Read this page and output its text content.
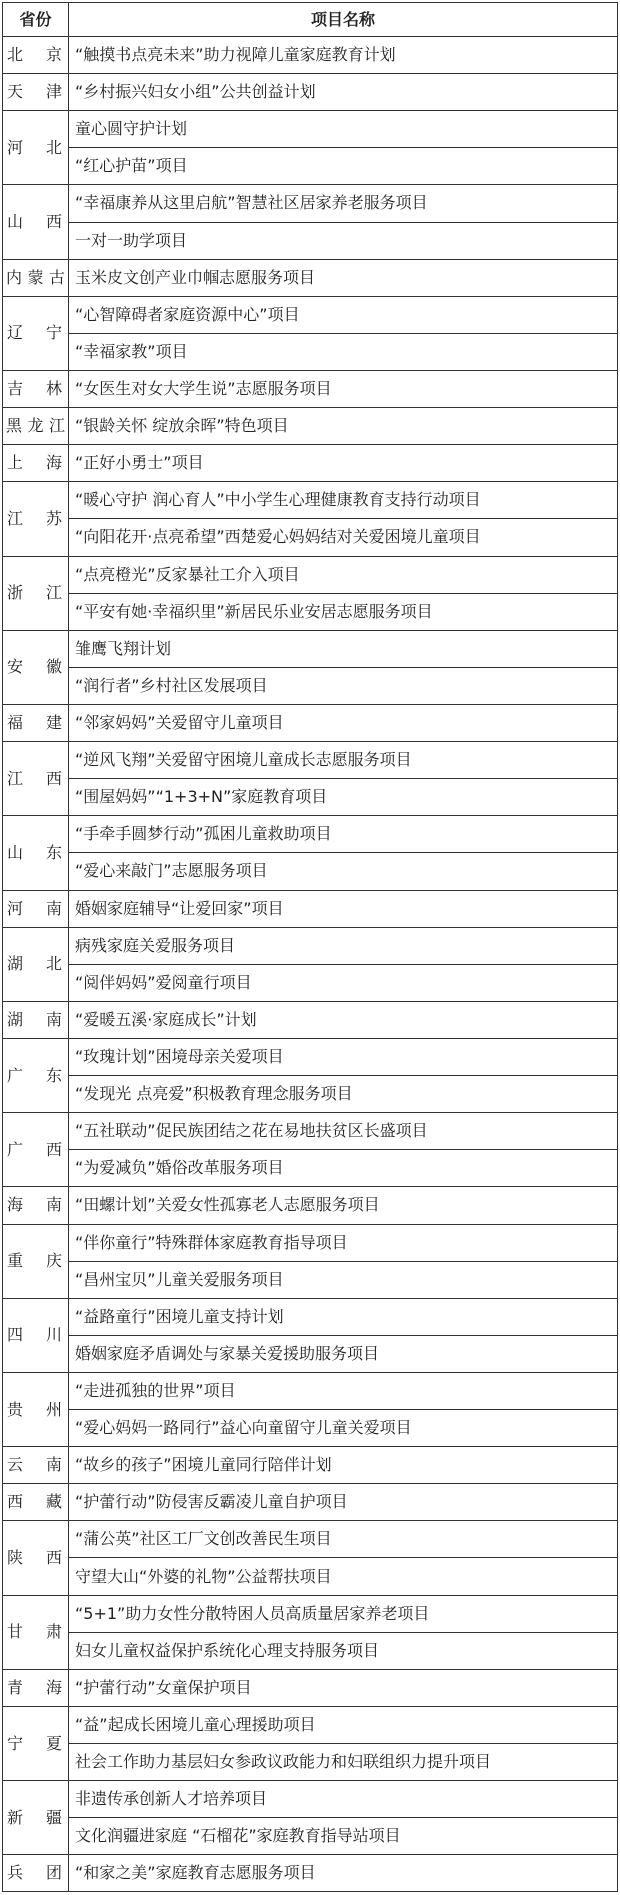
省份	项目名称
北 京	“触摸书点亮未来”助力视障儿童家庭教育计划
天 津	“乡村振兴妇女小组”公共创益计划
河 北	童心圆守护计划
	“红心护苗”项目
山 西	“幸福康养从这里启航”智慧社区居家养老服务项目
	一对一助学项目
内 蒙 古	玉米皮文创产业巾帼志愿服务项目
辽 宁	“心智障碍者家庭资源中心”项目
	“幸福家教”项目
吉 林	“女医生对女大学生说”志愿服务项目
黑 龙 江	“银龄关怀 绽放余晖”特色项目
上 海	“正好小勇士”项目
江 苏	“暖心守护 润心育人”中小学生心理健康教育支持行动项目
	“向阳花开·点亮希望”西楚爱心妈妈结对关爱困境儿童项目
浙 江	“点亮橙光”反家暴社工介入项目
	“平安有她·幸福织里”新居民乐业安居志愿服务项目
安 徽	雏鹰飞翔计划
	“润行者”乡村社区发展项目
福 建	“邻家妈妈”关爱留守儿童项目
江 西	“逆风飞翔”关爱留守困境儿童成长志愿服务项目
	“围屋妈妈”“1+3+N”家庭教育项目
山 东	“手牵手圆梦行动”孤困儿童救助项目
	“爱心来敲门”志愿服务项目
河 南	婚姻家庭辅导“让爱回家”项目
湖 北	病残家庭关爱服务项目
	“阅伴妈妈”爱阅童行项目
湖 南	“爱暖五溪·家庭成长”计划
广 东	“玫瑰计划”困境母亲关爱项目
	“发现光 点亮爱”积极教育理念服务项目
广 西	“五社联动”促民族团结之花在易地扶贫区长盛项目
	“为爱减负”婚俗改革服务项目
海 南	“田螺计划”关爱女性孤寡老人志愿服务项目
重 庆	“伴你童行”特殊群体家庭教育指导项目
	“昌州宝贝”儿童关爱服务项目
四 川	“益路童行”困境儿童支持计划
	婚姻家庭矛盾调处与家暴关爱援助服务项目
贵 州	“走进孤独的世界”项目
	“爱心妈妈一路同行”益心向童留守儿童关爱项目
云 南	“故乡的孩子”困境儿童同行陪伴计划
西 藏	“护蕾行动”防侵害反霸凌儿童自护项目
陕 西	“蒲公英”社区工厂文创改善民生项目
	守望大山“外婆的礼物”公益帮扶项目
甘 肃	“5+1”助力女性分散特困人员高质量居家养老项目
	妇女儿童权益保护系统化心理支持服务项目
青 海	“护蕾行动”女童保护项目
宁 夏	“益”起成长困境儿童心理援助项目
	社会工作助力基层妇女参政议政能力和妇联组织力提升项目
新 疆	非遗传承创新人才培养项目
	文化润疆进家庭 “石榴花”家庭教育指导站项目
兵 团	“和家之美”家庭教育志愿服务项目
